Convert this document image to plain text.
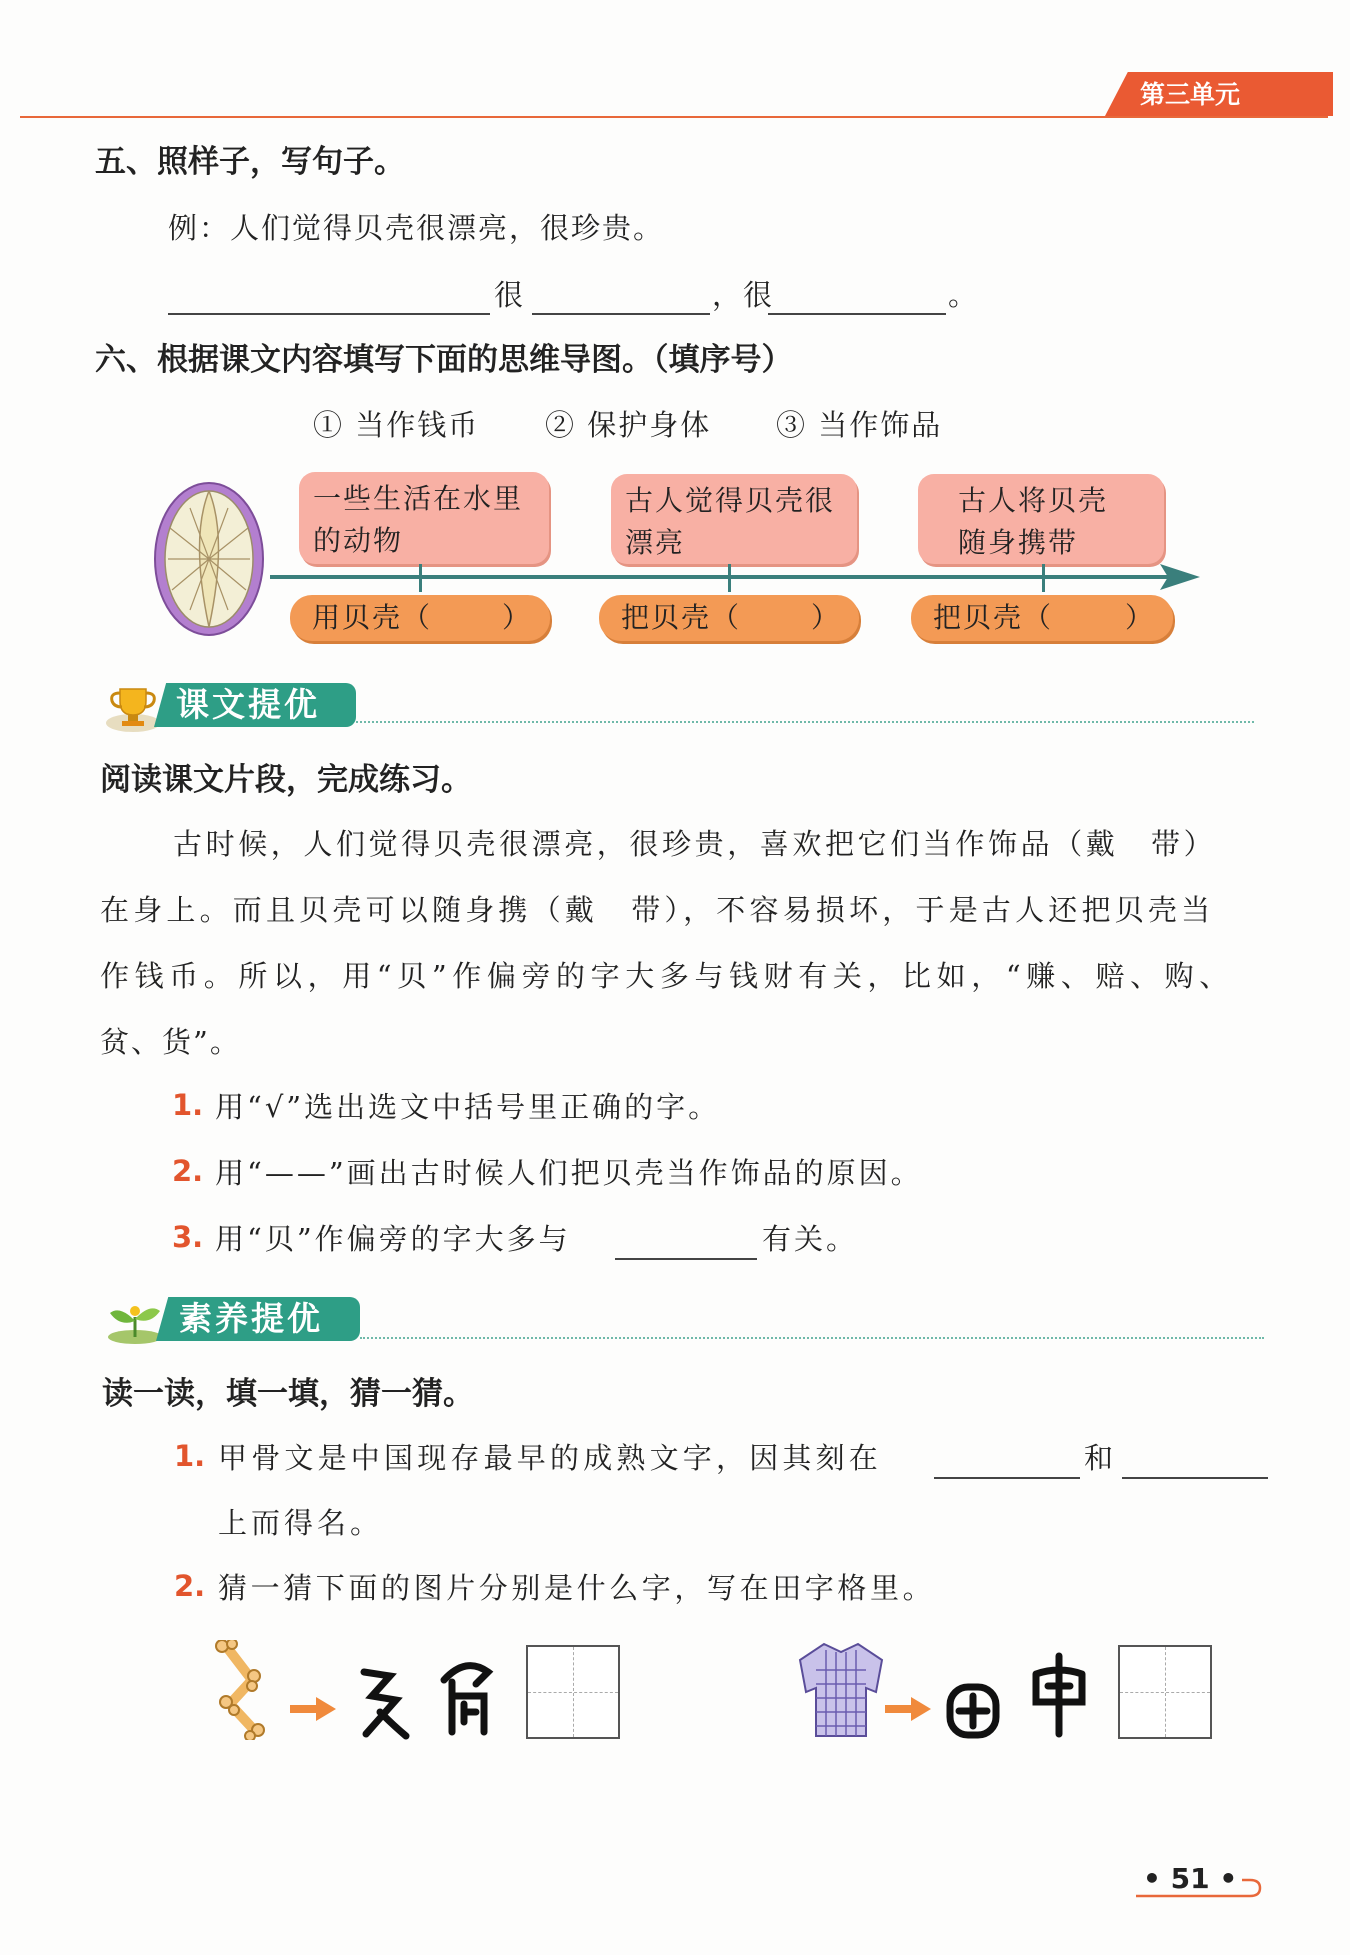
第三单元
五、照样子，写句子。
例：人们觉得贝壳很漂亮，很珍贵。
很	，很	。
六、根据课文内容填写下面的思维导图。（填序号）
① 当作钱币 ② 保护身体 ③ 当作饰品
一些生活在水里的动物
古人觉得贝壳很漂亮
古人将贝壳随身携带
用贝壳（ ）	把贝壳（ ）	把贝壳（	）
课文提优
阅读课文片段，完成练习。
古时候，人们觉得贝壳很漂亮，很珍贵，喜欢把它们当作饰品（戴　带）
在身上。而且贝壳可以随身携（戴　带），不容易损坏，于是古人还把贝壳当
作钱币。所以，用“贝”作偏旁的字大多与钱财有关，比如，“赚、赔、购、
贫、货”。
1. 用“√”选出选文中括号里正确的字。
2. 用“——”画出古时候人们把贝壳当作饰品的原因。
3. 用“贝”作偏旁的字大多与	有关。
素养提优
读一读，填一填，猜一猜。
1. 甲骨文是中国现存最早的成熟文字，因其刻在	和
上而得名。
2. 猜一猜下面的图片分别是什么字，写在田字格里。
• 51 •
